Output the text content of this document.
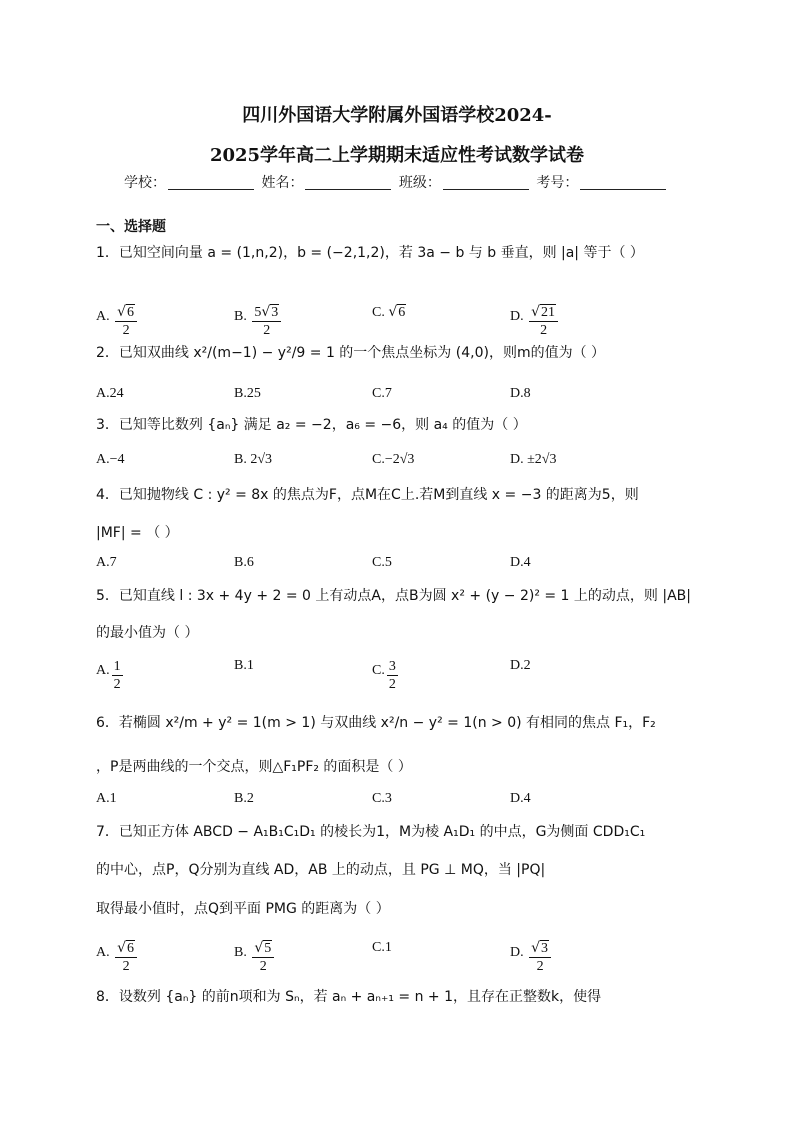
四川外国语大学附属外国语学校2024-
2025学年高二上学期期末适应性考试数学试卷
学校：	姓名：	班级：	考号：
一、选择题
1．已知空间向量 a = (1,n,2)，b = (−2,1,2)，若 3a − b 与 b 垂直，则 |a| 等于（ ）
A. $\frac{√6}{2}$	B. $\frac{5√3}{2}$	C. √6	D. $\frac{√21}{2}$
2．已知双曲线 x²/(m−1) − y²/9 = 1 的一个焦点坐标为 (4,0)，则m的值为（ ）
A.24	B.25	C.7	D.8
3．已知等比数列 {aₙ} 满足 a₂ = −2，a₆ = −6，则 a₄ 的值为（ ）
A.−4	B. 2√3	C.−2√3	D. ±2√3
4．已知抛物线 C : y² = 8x 的焦点为F，点M在C上.若M到直线 x = −3 的距离为5，则
|MF| = （ ）
A.7	B.6	C.5	D.4
5．已知直线 l : 3x + 4y + 2 = 0 上有动点A，点B为圆 x² + (y − 2)² = 1 上的动点，则 |AB|
的最小值为（ ）
A. $\frac{1}{2}$	B.1	C. $\frac{3}{2}$	D.2
6．若椭圆 x²/m + y² = 1(m > 1) 与双曲线 x²/n − y² = 1(n > 0) 有相同的焦点 F₁，F₂
，P是两曲线的一个交点，则△F₁PF₂ 的面积是（ ）
A.1	B.2	C.3	D.4
7．已知正方体 ABCD − A₁B₁C₁D₁ 的棱长为1，M为棱 A₁D₁ 的中点，G为侧面 CDD₁C₁
的中心，点P，Q分别为直线 AD，AB 上的动点，且 PG ⊥ MQ，当 |PQ|
取得最小值时，点Q到平面 PMG 的距离为（ ）
A. $\frac{√6}{2}$	B. $\frac{√5}{2}$	C.1	D. $\frac{√3}{2}$
8．设数列 {aₙ} 的前n项和为 Sₙ，若 aₙ + aₙ₊₁ = n + 1，且存在正整数k，使得
